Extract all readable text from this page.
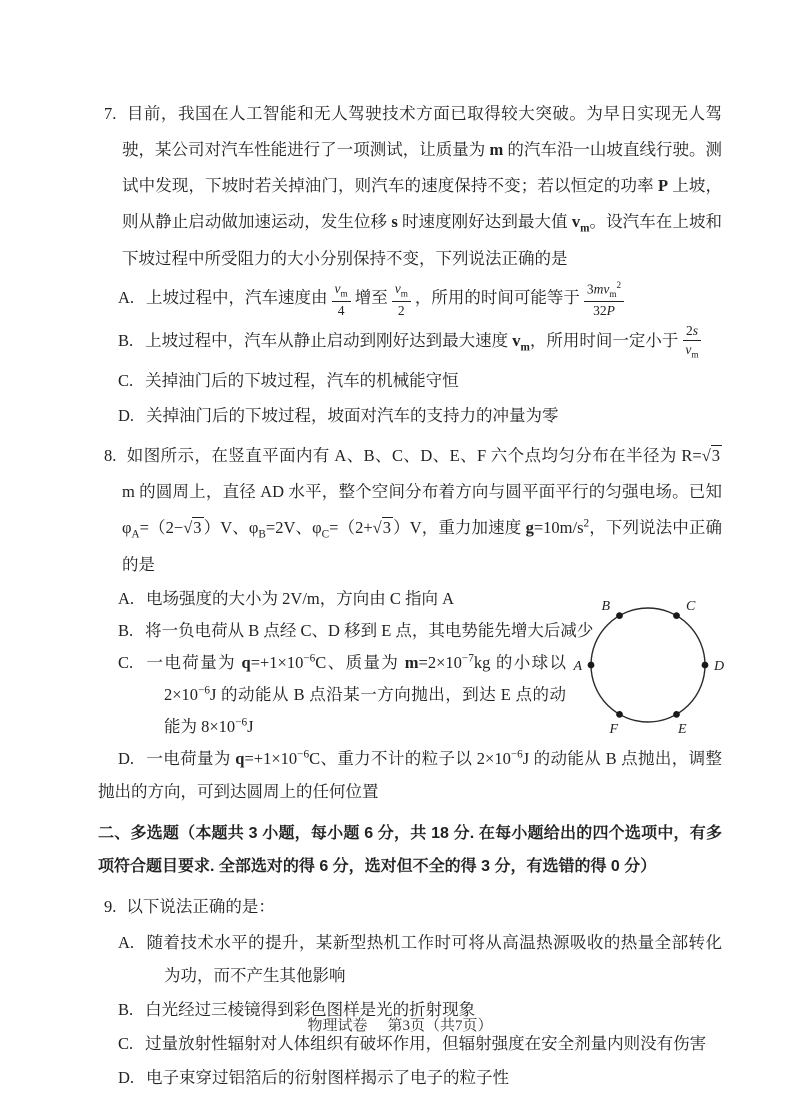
7. 目前，我国在人工智能和无人驾驶技术方面已取得较大突破。为早日实现无人驾驶，某公司对汽车性能进行了一项测试，让质量为 m 的汽车沿一山坡直线行驶。测试中发现，下坡时若关掉油门，则汽车的速度保持不变；若以恒定的功率 P 上坡，则从静止启动做加速运动，发生位移 s 时速度刚好达到最大值 $v_m$。设汽车在上坡和下坡过程中所受阻力的大小分别保持不变，下列说法正确的是

A. 上坡过程中，汽车速度由 $\frac{v_m}{4}$ 增至 $\frac{v_m}{2}$ ，所用的时间可能等于 $\frac{3mv_m^2}{32P}$

B. 上坡过程中，汽车从静止启动到刚好达到最大速度 $v_m$，所用时间一定小于 $\frac{2s}{v_m}$

C. 关掉油门后的下坡过程，汽车的机械能守恒

D. 关掉油门后的下坡过程，坡面对汽车的支持力的冲量为零

8. 如图所示，在竖直平面内有 A、B、C、D、E、F 六个点均匀分布在半径为 R=√3 m 的圆周上，直径 AD 水平，整个空间分布着方向与圆平面平行的匀强电场。已知 $\varphi_A=(2-√3$ ）V、$\varphi_B=2V$、$\varphi_C=(2+√3$ ）V，重力加速度 $g=10m/s^2$，下列说法中正确的是

A
B	C
D
E
F

A. 电场强度的大小为 2V/m，方向由 C 指向 A

B. 将一负电荷从 B 点经 C、D 移到 E 点，其电势能先增大后减少

C. 一电荷量为 $q=+1\times 10^{-6}C$、质量为 $m=2\times 10^{-7}kg$ 的小球以 $2\times 10^{-6}J$ 的动能从 B 点沿某一方向抛出，到达 E 点的动能为 $8\times 10^{-6}J$

D. 一电荷量为 $q=+1\times 10^{-6}C$、重力不计的粒子以 $2\times 10^{-6}J$ 的动能从 B 点抛出，调整抛出的方向，可到达圆周上的任何位置

二、多选题（本题共 3 小题，每小题 6 分，共 18 分. 在每小题给出的四个选项中，有多项符合题目要求. 全部选对的得 6 分，选对但不全的得 3 分，有选错的得 0 分）

9. 以下说法正确的是：

A. 随着技术水平的提升，某新型热机工作时可将从高温热源吸收的热量全部转化为功，而不产生其他影响

B. 白光经过三棱镜得到彩色图样是光的折射现象

C. 过量放射性辐射对人体组织有破坏作用，但辐射强度在安全剂量内则没有伤害

D. 电子束穿过铝箔后的衍射图样揭示了电子的粒子性

物理试卷 第3页（共7页）
